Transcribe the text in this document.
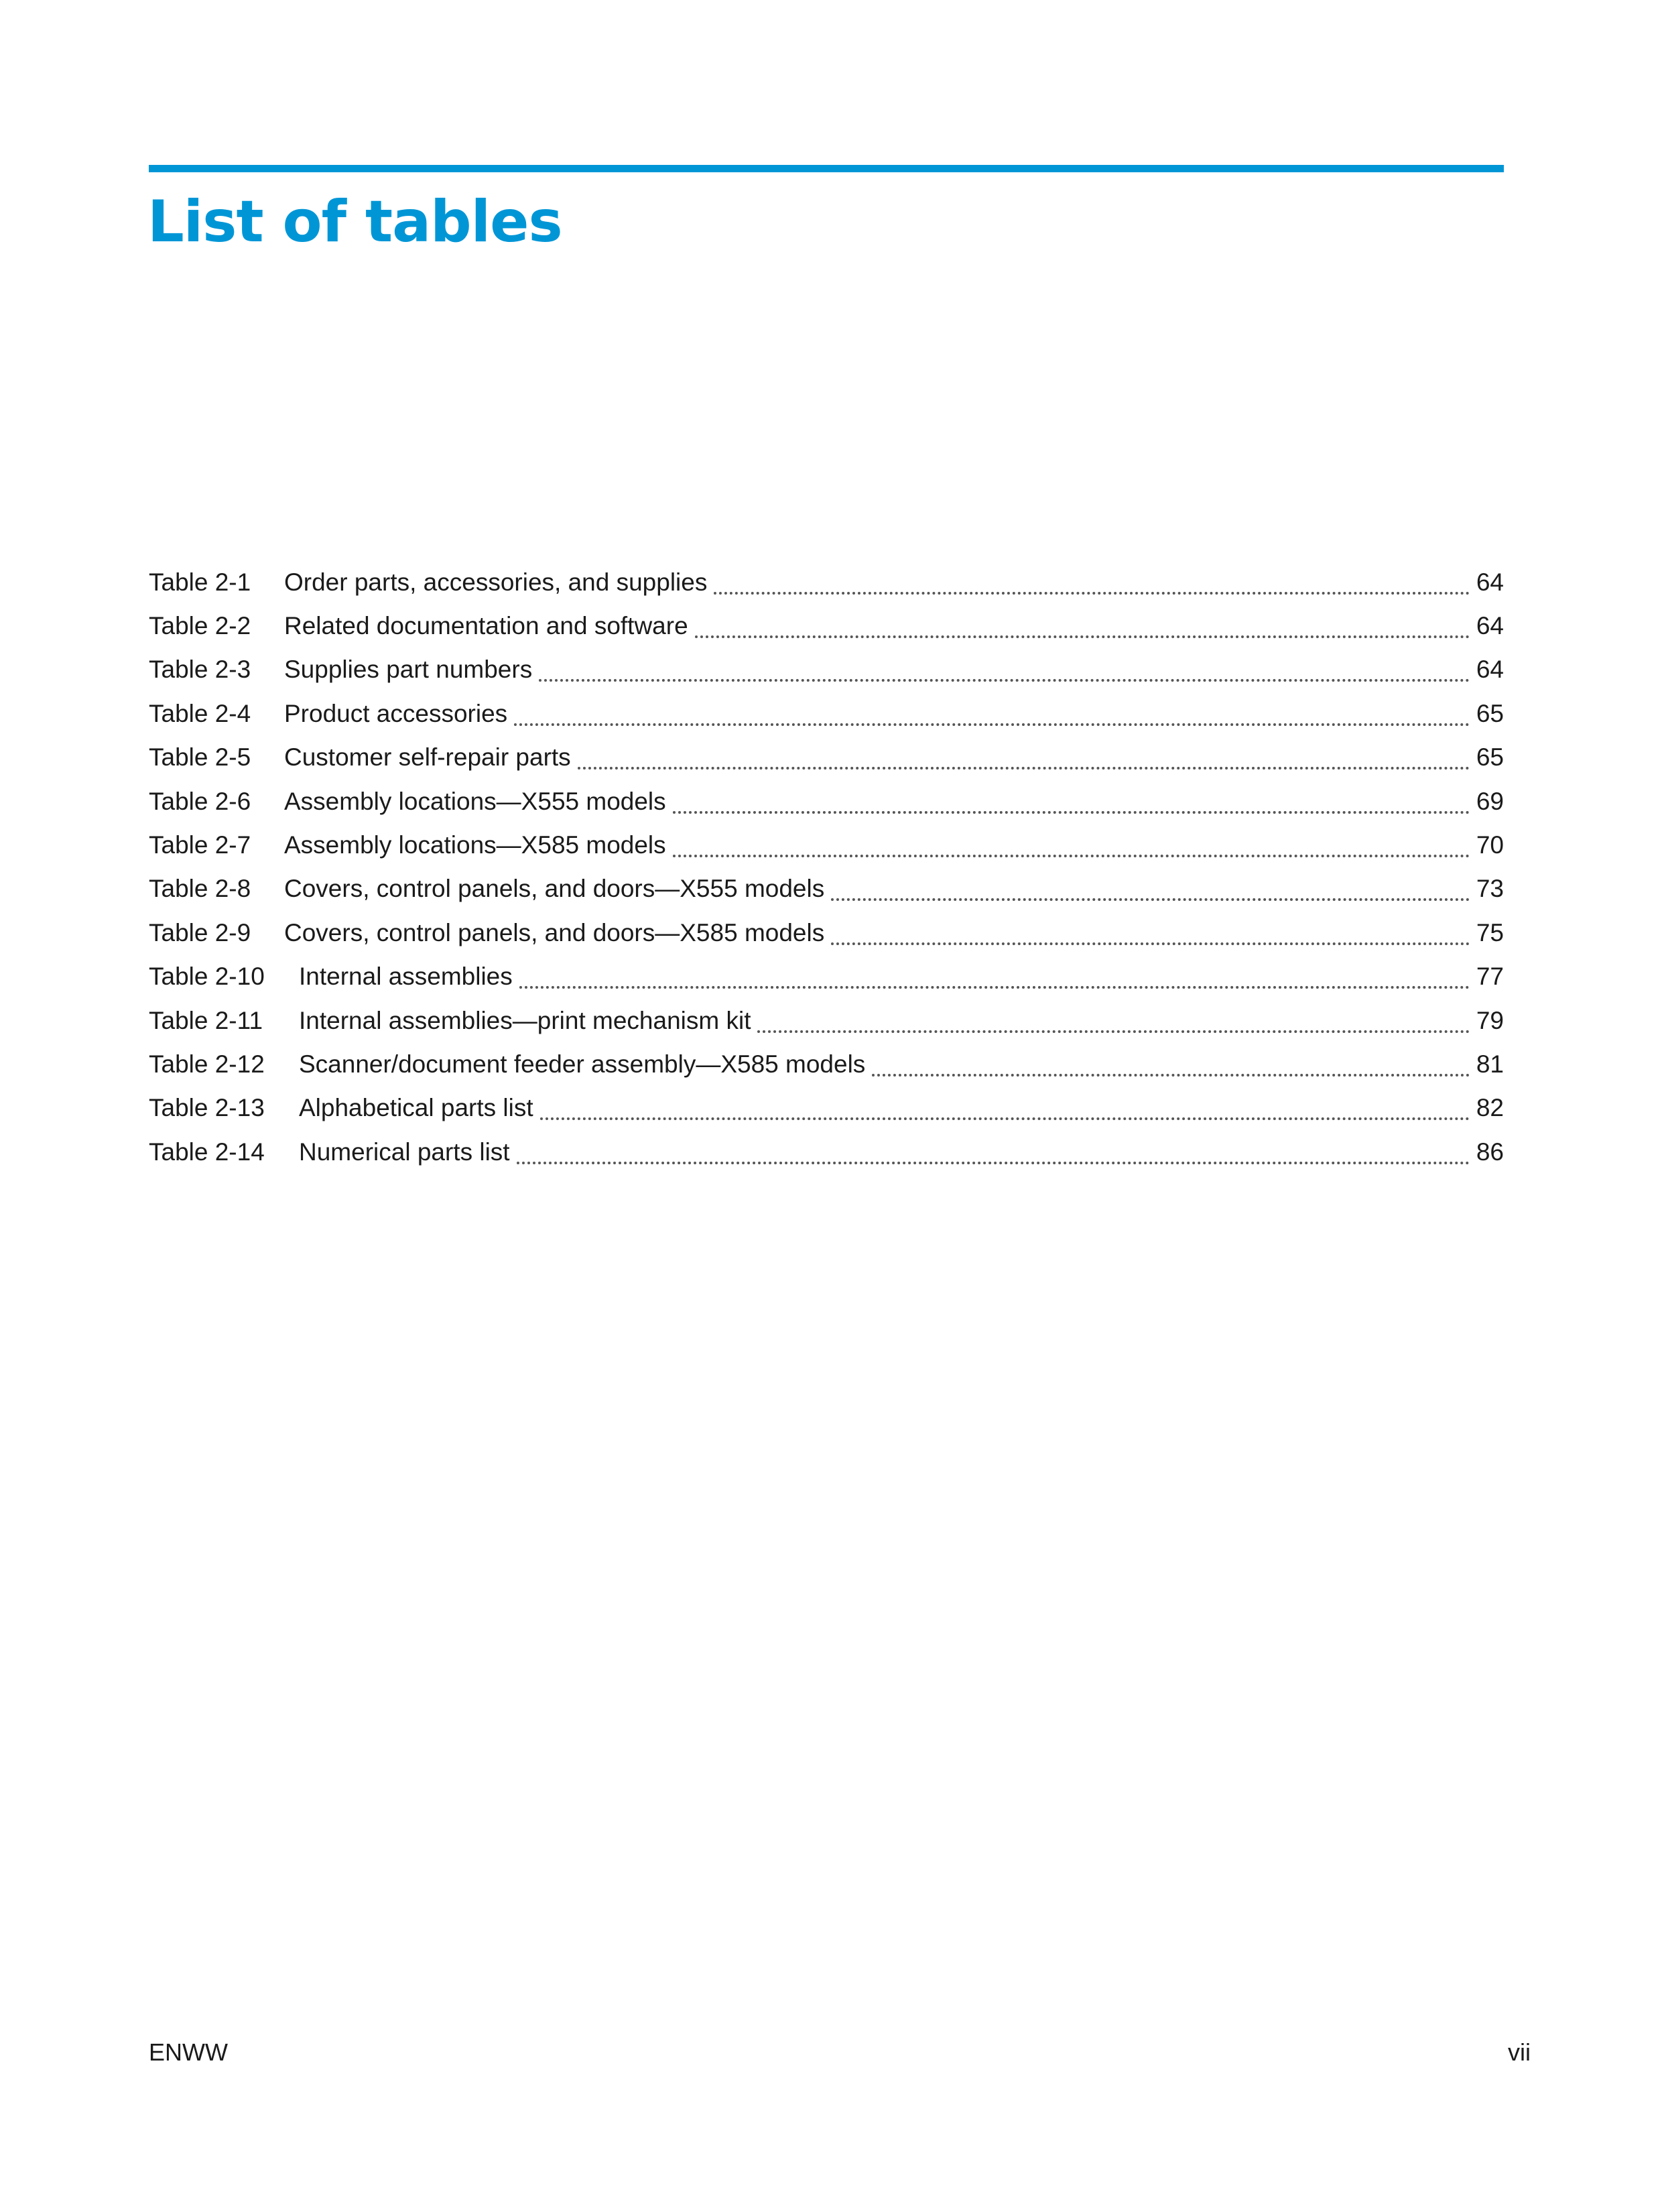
List of tables
Table 2-1	Order parts, accessories, and supplies	64
Table 2-2	Related documentation and software	64
Table 2-3	Supplies part numbers	64
Table 2-4	Product accessories	65
Table 2-5	Customer self-repair parts	65
Table 2-6	Assembly locations—X555 models	69
Table 2-7	Assembly locations—X585 models	70
Table 2-8	Covers, control panels, and doors—X555 models	73
Table 2-9	Covers, control panels, and doors—X585 models	75
Table 2-10	Internal assemblies	77
Table 2-11	Internal assemblies—print mechanism kit	79
Table 2-12	Scanner/document feeder assembly—X585 models	81
Table 2-13	Alphabetical parts list	82
Table 2-14	Numerical parts list	86
ENWW	vii
